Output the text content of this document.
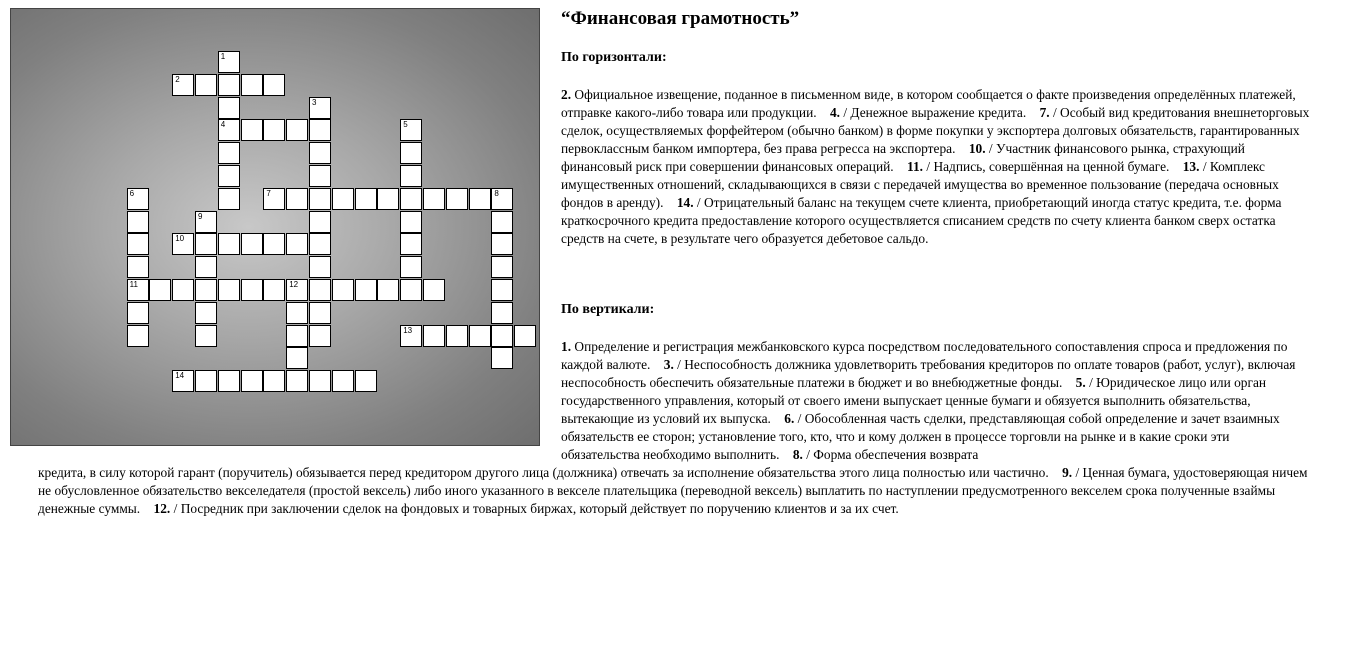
1
4
2
3
5
6
11
7	8
9
10
12
13
14
“Финансовая грамотность”
По горизонтали:
2. Официальное извещение, поданное в письменном виде, в котором сообщается о факте произведения определённых платежей, отправке какого-либо товара или продукции. 4. / Денежное выражение кредита. 7. / Особый вид кредитования внешнеторговых сделок, осуществляемых форфейтером (обычно банком) в форме покупки у экспортера долговых обязательств, гарантированных первоклассным банком импортера, без права регресса на экспортера. 10. / Участник финансового рынка, страхующий финансовый риск при совершении финансовых операций. 11. / Надпись, совершённая на ценной бумаге. 13. / Комплекс имущественных отношений, складывающихся в связи с передачей имущества во временное пользование (передача основных фондов в аренду). 14. / Отрицательный баланс на текущем счете клиента, приобретающий иногда статус кредита, т.е. форма краткосрочного кредита предоставление которого осуществляется списанием средств по счету клиента банком сверх остатка средств на счете, в результате чего образуется дебетовое сальдо.
По вертикали:
1. Определение и регистрация межбанковского курса посредством последовательного сопоставления спроса и предложения по каждой валюте. 3. / Неспособность должника удовлетворить требования кредиторов по оплате товаров (работ, услуг), включая неспособность обеспечить обязательные платежи в бюджет и во внебюджетные фонды. 5. / Юридическое лицо или орган государственного управления, который от своего имени выпускает ценные бумаги и обязуется выполнить обязательства, вытекающие из условий их выпуска. 6. / Обособленная часть сделки, представляющая собой определение и зачет взаимных обязательств ее сторон; установление того, кто, что и кому должен в процессе торговли на рынке и в какие сроки эти обязательства необходимо выполнить. 8. / Форма обеспечения возврата
кредита, в силу которой гарант (поручитель) обязывается перед кредитором другого лица (должника) отвечать за исполнение обязательства этого лица полностью или частично. 9. / Ценная бумага, удостоверяющая ничем не обусловленное обязательство векселедателя (простой вексель) либо иного указанного в векселе плательщика (переводной вексель) выплатить по наступлении предусмотренного векселем срока полученные взаймы денежные суммы. 12. / Посредник при заключении сделок на фондовых и товарных биржах, который действует по поручению клиентов и за их счет.
